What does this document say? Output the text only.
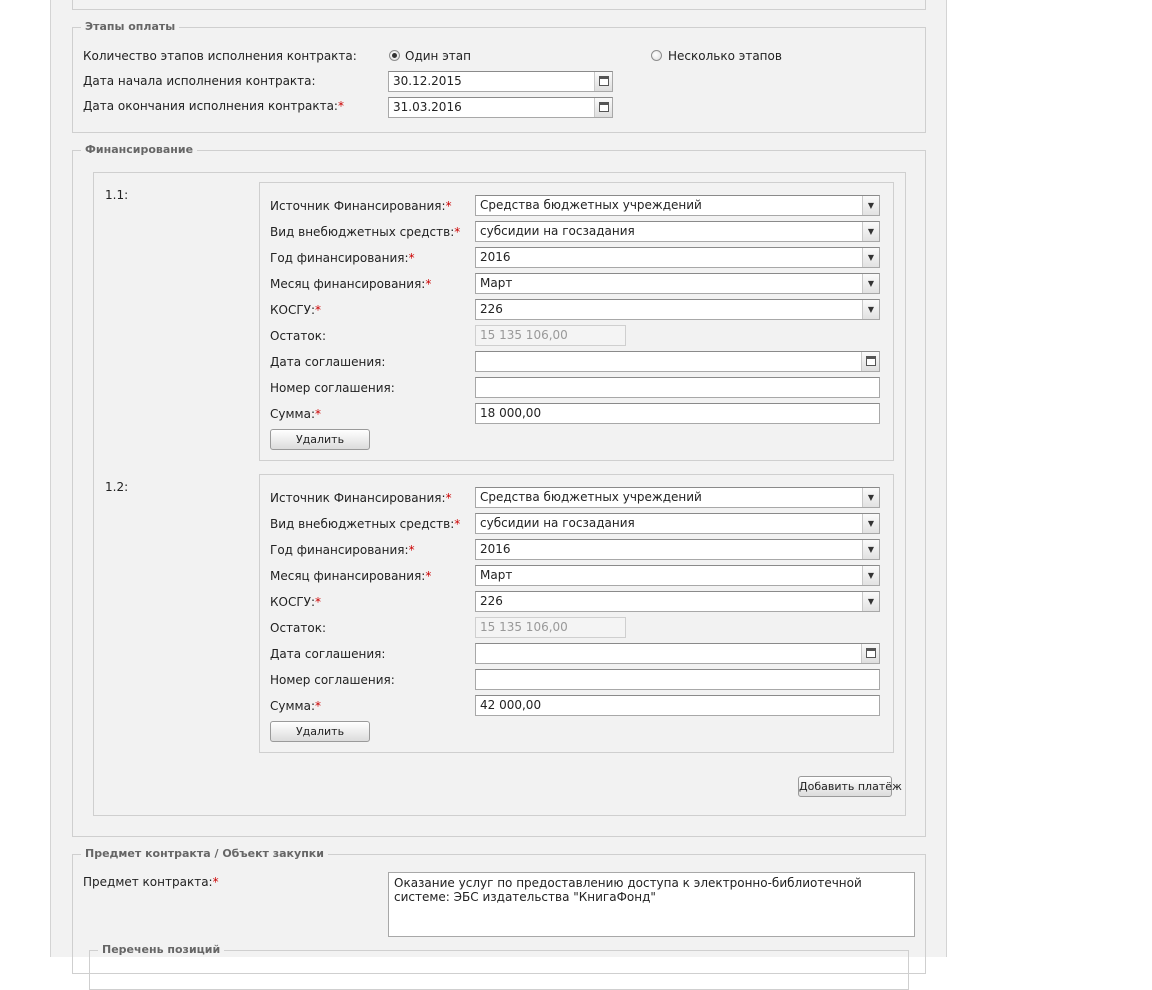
Этапы оплаты
Количество этапов исполнения контракта:	Один этап	Несколько этапов
Дата начала исполнения контракта:	30.12.2015
Дата окончания исполнения контракта:*	31.03.2016
Финансирование
1.1:
Источник Финансирования:*	Средства бюджетных учреждений	▼
Вид внебюджетных средств:*	субсидии на госзадания	▼
Год финансирования:*	2016	▼
Месяц финансирования:*	Март	▼
КОСГУ:*	226	▼
Остаток:	15 135 106,00
Дата соглашения:
Номер соглашения:
Сумма:*	18 000,00
Удалить
1.2:
Источник Финансирования:*	Средства бюджетных учреждений	▼
Вид внебюджетных средств:*	субсидии на госзадания	▼
Год финансирования:*	2016	▼
Месяц финансирования:*	Март	▼
КОСГУ:*	226	▼
Остаток:	15 135 106,00
Дата соглашения:
Номер соглашения:
Сумма:*	42 000,00
Удалить
Добавить платёж
Предмет контракта / Объект закупки
Предмет контракта:*	Оказание услуг по предоставлению доступа к электронно-библиотечной системе: ЭБС издательства "КнигаФонд"
Перечень позиций
